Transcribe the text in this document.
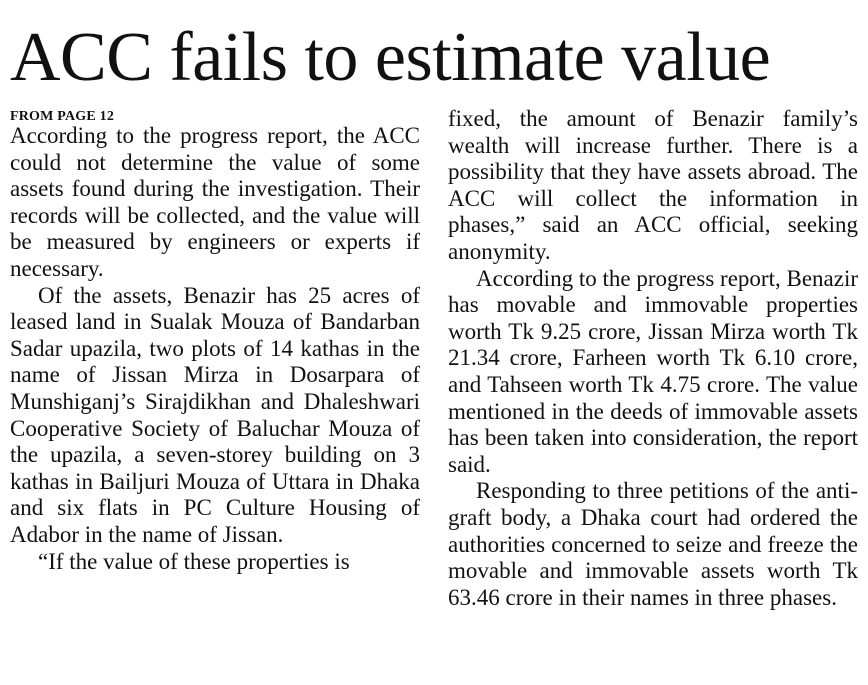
ACC fails to estimate value
FROM PAGE 12

According to the progress report, the ACC could not determine the value of some assets found during the investigation. Their records will be collected, and the value will be measured by engineers or experts if necessary.

Of the assets, Benazir has 25 acres of leased land in Sualak Mouza of Bandarban Sadar upazila, two plots of 14 kathas in the name of Jissan Mirza in Dosarpara of Munshiganj’s Sirajdikhan and Dhaleshwari Cooperative Society of Baluchar Mouza of the upazila, a seven-storey building on 3 kathas in Bailjuri Mouza of Uttara in Dhaka and six flats in PC Culture Housing of Adabor in the name of Jissan.

“If the value of these properties is

fixed, the amount of Benazir family’s wealth will increase further. There is a possibility that they have assets abroad. The ACC will collect the information in phases,” said an ACC official, seeking anonymity.

According to the progress report, Benazir has movable and immovable properties worth Tk 9.25 crore, Jissan Mirza worth Tk 21.34 crore, Farheen worth Tk 6.10 crore, and Tahseen worth Tk 4.75 crore. The value mentioned in the deeds of immovable assets has been taken into consideration, the report said.

Responding to three petitions of the anti-graft body, a Dhaka court had ordered the authorities concerned to seize and freeze the movable and immovable assets worth Tk 63.46 crore in their names in three phases.
